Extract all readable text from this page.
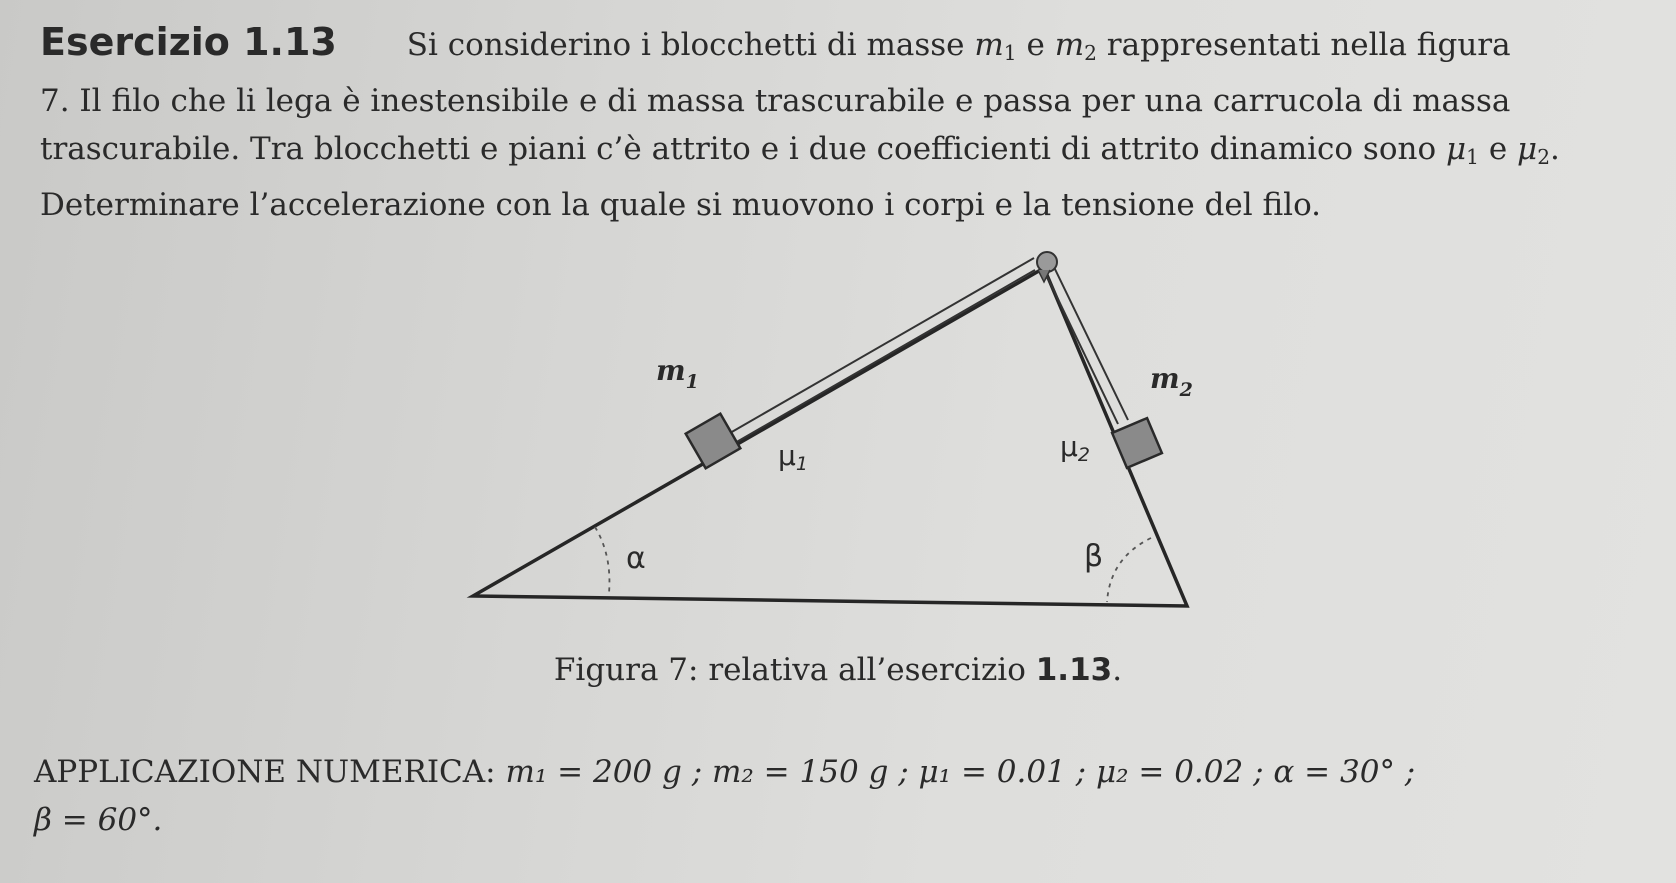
Esercizio 1.13 Si considerino i blocchetti di masse $m_1$ e $m_2$ rappresentati nella figura
7. Il filo che li lega è inestensibile e di massa trascurabile e passa per una carrucola di massa
trascurabile. Tra blocchetti e piani c’è attrito e i due coefficienti di attrito dinamico sono $\mu_1$ e $\mu_2$.
Determinare l’accelerazione con la quale si muovono i corpi e la tensione del filo.
$m_1$	$m_2$
μ1
μ2
α	β
Figura 7: relativa all’esercizio 1.13.
APPLICAZIONE NUMERICA: m₁ = 200 g ; m₂ = 150 g ; μ₁ = 0.01 ; μ₂ = 0.02 ; α = 30° ;
β = 60°.
